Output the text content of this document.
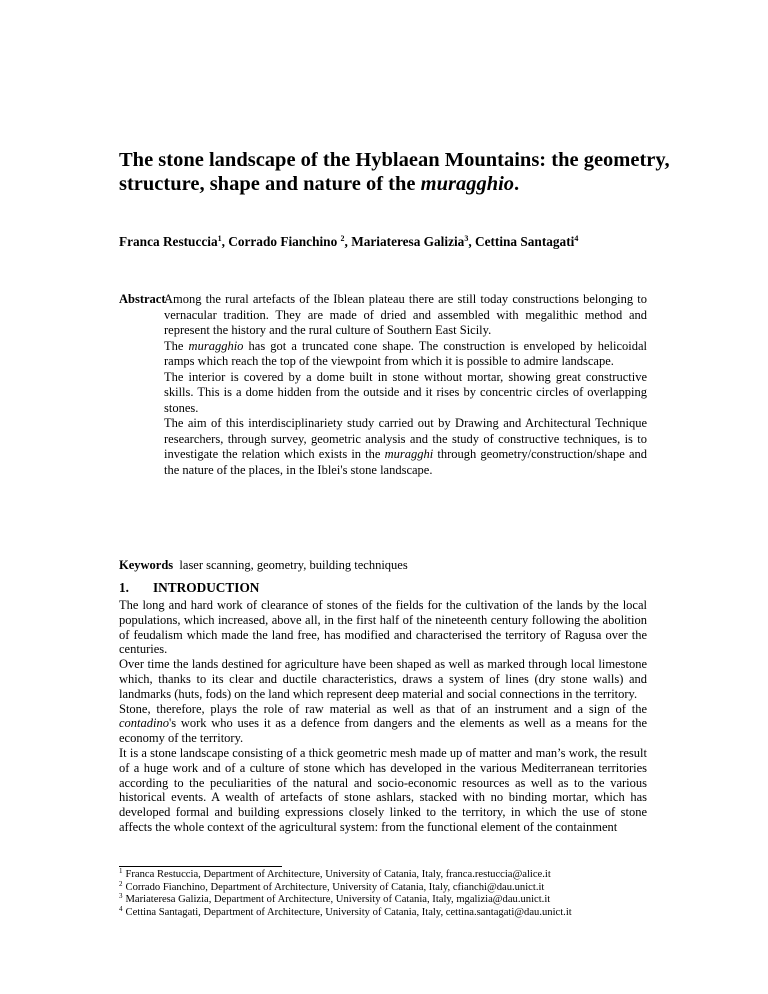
The stone landscape of the Hyblaean Mountains: the geometry, structure, shape and nature of the muragghio.
Franca Restuccia$^1$, Corrado Fianchino $^2$, Mariateresa Galizia$^3$, Cettina Santagati$^4$
Abstract

Among the rural artefacts of the Iblean plateau there are still today constructions belonging to vernacular tradition. They are made of dried and assembled with megalithic method and represent the history and the rural culture of Southern East Sicily.

The muragghio has got a truncated cone shape. The construction is enveloped by helicoidal ramps which reach the top of the viewpoint from which it is possible to admire landscape.

The interior is covered by a dome built in stone without mortar, showing great constructive skills. This is a dome hidden from the outside and it rises by concentric circles of overlapping stones.

The aim of this interdisciplinariety study carried out by Drawing and Architectural Technique researchers, through survey, geometric analysis and the study of constructive techniques, is to investigate the relation which exists in the muragghi through geometry/construction/shape and the nature of the places, in the Iblei's stone landscape.

Keywords laser scanning, geometry, building techniques
1. INTRODUCTION

The long and hard work of clearance of stones of the fields for the cultivation of the lands by the local populations, which increased, above all, in the first half of the nineteenth century following the abolition of feudalism which made the land free, has modified and characterised the territory of Ragusa over the centuries.

Over time the lands destined for agriculture have been shaped as well as marked through local limestone which, thanks to its clear and ductile characteristics, draws a system of lines (dry stone walls) and landmarks (huts, fods) on the land which represent deep material and social connections in the territory.

Stone, therefore, plays the role of raw material as well as that of an instrument and a sign of the contadino's work who uses it as a defence from dangers and the elements as well as a means for the economy of the territory.

It is a stone landscape consisting of a thick geometric mesh made up of matter and man’s work, the result of a huge work and of a culture of stone which has developed in the various Mediterranean territories according to the peculiarities of the natural and socio-economic resources as well as to the various historical events. A wealth of artefacts of stone ashlars, stacked with no binding mortar, which has developed formal and building expressions closely linked to the territory, in which the use of stone affects the whole context of the agricultural system: from the functional element of the containment

$^1$ Franca Restuccia, Department of Architecture, University of Catania, Italy, franca.restuccia@alice.it
$^2$ Corrado Fianchino, Department of Architecture, University of Catania, Italy, cfianchi@dau.unict.it
$^3$ Mariateresa Galizia, Department of Architecture, University of Catania, Italy, mgalizia@dau.unict.it
$^4$ Cettina Santagati, Department of Architecture, University of Catania, Italy, cettina.santagati@dau.unict.it
